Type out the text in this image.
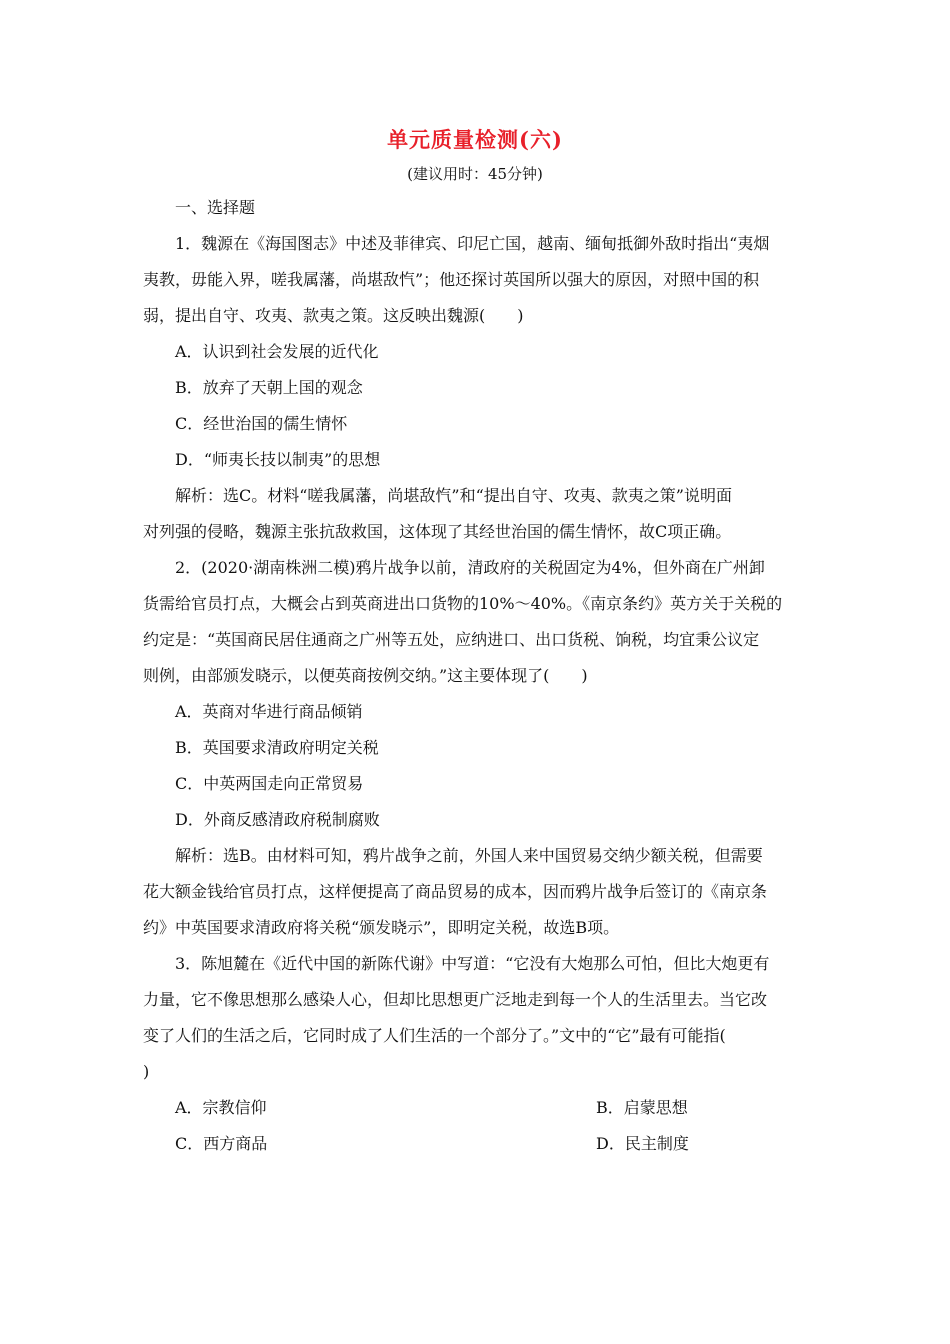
单元质量检测(六)
(建议用时：45分钟)
一、选择题
1．魏源在《海国图志》中述及菲律宾、印尼亡国，越南、缅甸抵御外敌时指出“夷烟
夷教，毋能入界，嗟我属藩，尚堪敌忾”；他还探讨英国所以强大的原因，对照中国的积
弱，提出自守、攻夷、款夷之策。这反映出魏源(　　)
A．认识到社会发展的近代化
B．放弃了天朝上国的观念
C．经世治国的儒生情怀
D．“师夷长技以制夷”的思想
解析：选C。材料“嗟我属藩，尚堪敌忾”和“提出自守、攻夷、款夷之策”说明面
对列强的侵略，魏源主张抗敌救国，这体现了其经世治国的儒生情怀，故C项正确。
2．(2020·湖南株洲二模)鸦片战争以前，清政府的关税固定为4%，但外商在广州卸
货需给官员打点，大概会占到英商进出口货物的10%～40%。《南京条约》英方关于关税的
约定是：“英国商民居住通商之广州等五处，应纳进口、出口货税、饷税，均宜秉公议定
则例，由部颁发晓示，以便英商按例交纳。”这主要体现了(　　)
A．英商对华进行商品倾销
B．英国要求清政府明定关税
C．中英两国走向正常贸易
D．外商反感清政府税制腐败
解析：选B。由材料可知，鸦片战争之前，外国人来中国贸易交纳少额关税，但需要
花大额金钱给官员打点，这样便提高了商品贸易的成本，因而鸦片战争后签订的《南京条
约》中英国要求清政府将关税“颁发晓示”，即明定关税，故选B项。
3．陈旭麓在《近代中国的新陈代谢》中写道：“它没有大炮那么可怕，但比大炮更有
力量，它不像思想那么感染人心，但却比思想更广泛地走到每一个人的生活里去。当它改
变了人们的生活之后，它同时成了人们生活的一个部分了。”文中的“它”最有可能指(
)
A．宗教信仰	B．启蒙思想
C．西方商品	D．民主制度
